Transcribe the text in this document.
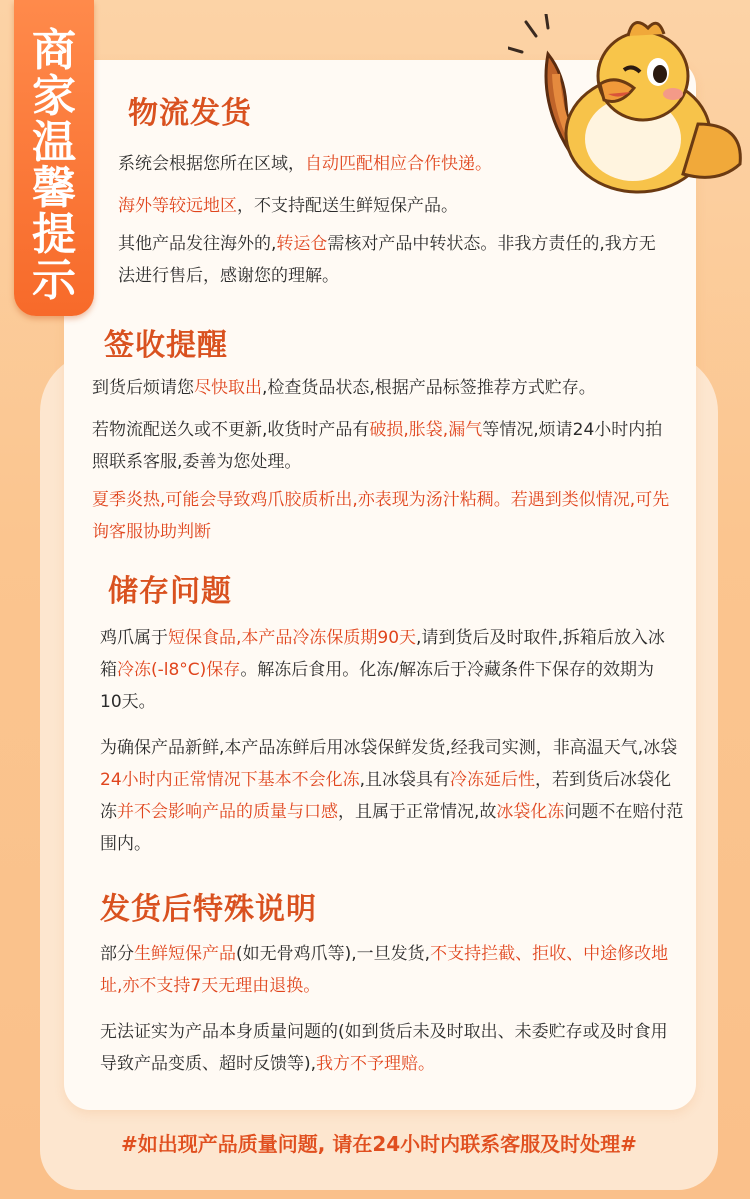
商
家
温
馨
提
示
物流发货
系统会根据您所在区域，自动匹配相应合作快递。
海外等较远地区，不支持配送生鲜短保产品。
其他产品发往海外的,转运仓需核对产品中转状态。非我方责任的,我方无法进行售后，感谢您的理解。
签收提醒
到货后烦请您尽快取出,检查货品状态,根据产品标签推荐方式贮存。
若物流配送久或不更新,收货时产品有破损,胀袋,漏气等情况,烦请24小时内拍照联系客服,委善为您处理。
夏季炎热,可能会导致鸡爪胶质析出,亦表现为汤汁粘稠。若遇到类似情况,可先询客服协助判断
储存问题
鸡爪属于短保食品,本产品冷冻保质期90天,请到货后及时取件,拆箱后放入冰箱冷冻(-l8°C)保存。解冻后食用。化冻/解冻后于冷藏条件下保存的效期为10天。
为确保产品新鲜,本产品冻鲜后用冰袋保鲜发货,经我司实测，非高温天气,冰袋24小时内正常情况下基本不会化冻,且冰袋具有冷冻延后性，若到货后冰袋化冻并不会影响产品的质量与口感，且属于正常情况,故冰袋化冻问题不在赔付范围内。
发货后特殊说明
部分生鲜短保产品(如无骨鸡爪等),一旦发货,不支持拦截、拒收、中途修改地址,亦不支持7天无理由退换。
无法证实为产品本身质量问题的(如到货后未及时取出、未委贮存或及时食用导致产品变质、超时反馈等),我方不予理赔。
#如出现产品质量问题, 请在24小时内联系客服及时处理#
